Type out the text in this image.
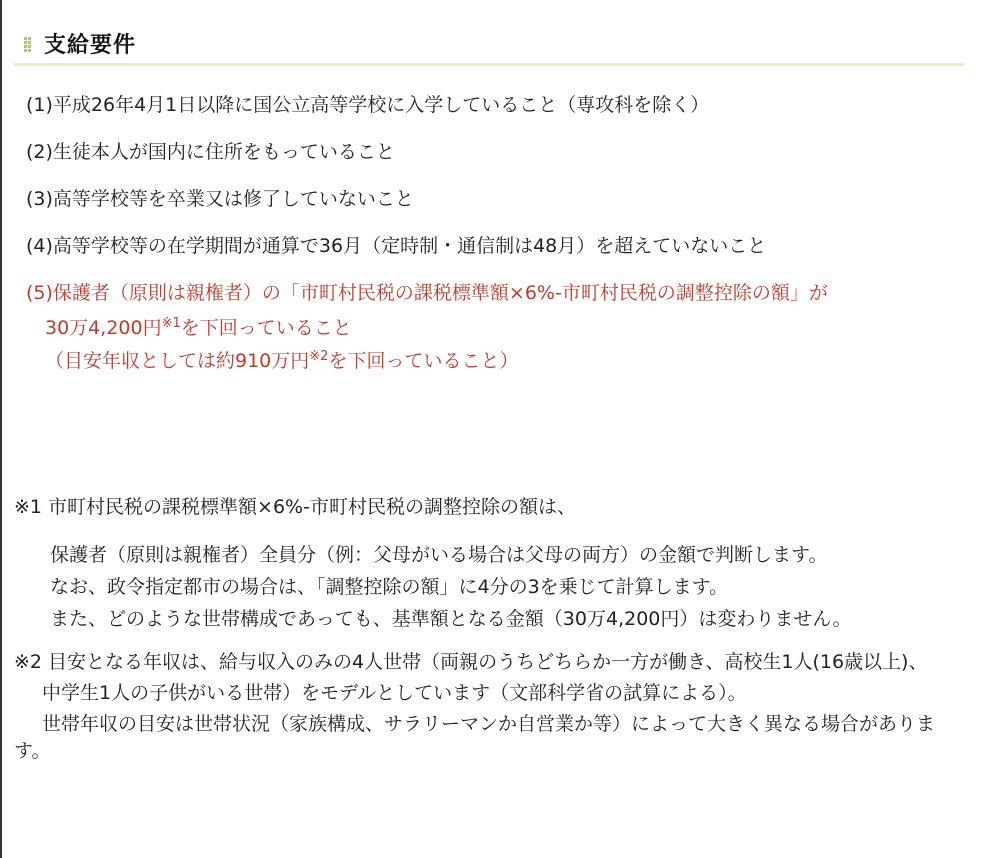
支給要件
(1)平成26年4月1日以降に国公立高等学校に入学していること（専攻科を除く）
(2)生徒本人が国内に住所をもっていること
(3)高等学校等を卒業又は修了していないこと
(4)高等学校等の在学期間が通算で36月（定時制・通信制は48月）を超えていないこと
(5)保護者（原則は親権者）の「市町村民税の課税標準額×6%-市町村民税の調整控除の額」が
30万4,200円$^{※1}$を下回っていること
（目安年収としては約910万円$^{※2}$を下回っていること）
※1 市町村民税の課税標準額×6%-市町村民税の調整控除の額は、
保護者（原則は親権者）全員分（例：父母がいる場合は父母の両方）の金額で判断します。
なお、政令指定都市の場合は、「調整控除の額」に4分の3を乗じて計算します。
また、どのような世帯構成であっても、基準額となる金額（30万4,200円）は変わりません。
※2 目安となる年収は、給与収入のみの4人世帯（両親のうちどちらか一方が働き、高校生1人(16歳以上)、
中学生1人の子供がいる世帯）をモデルとしています（文部科学省の試算による）。
世帯年収の目安は世帯状況（家族構成、サラリーマンか自営業か等）によって大きく異なる場合があります。
